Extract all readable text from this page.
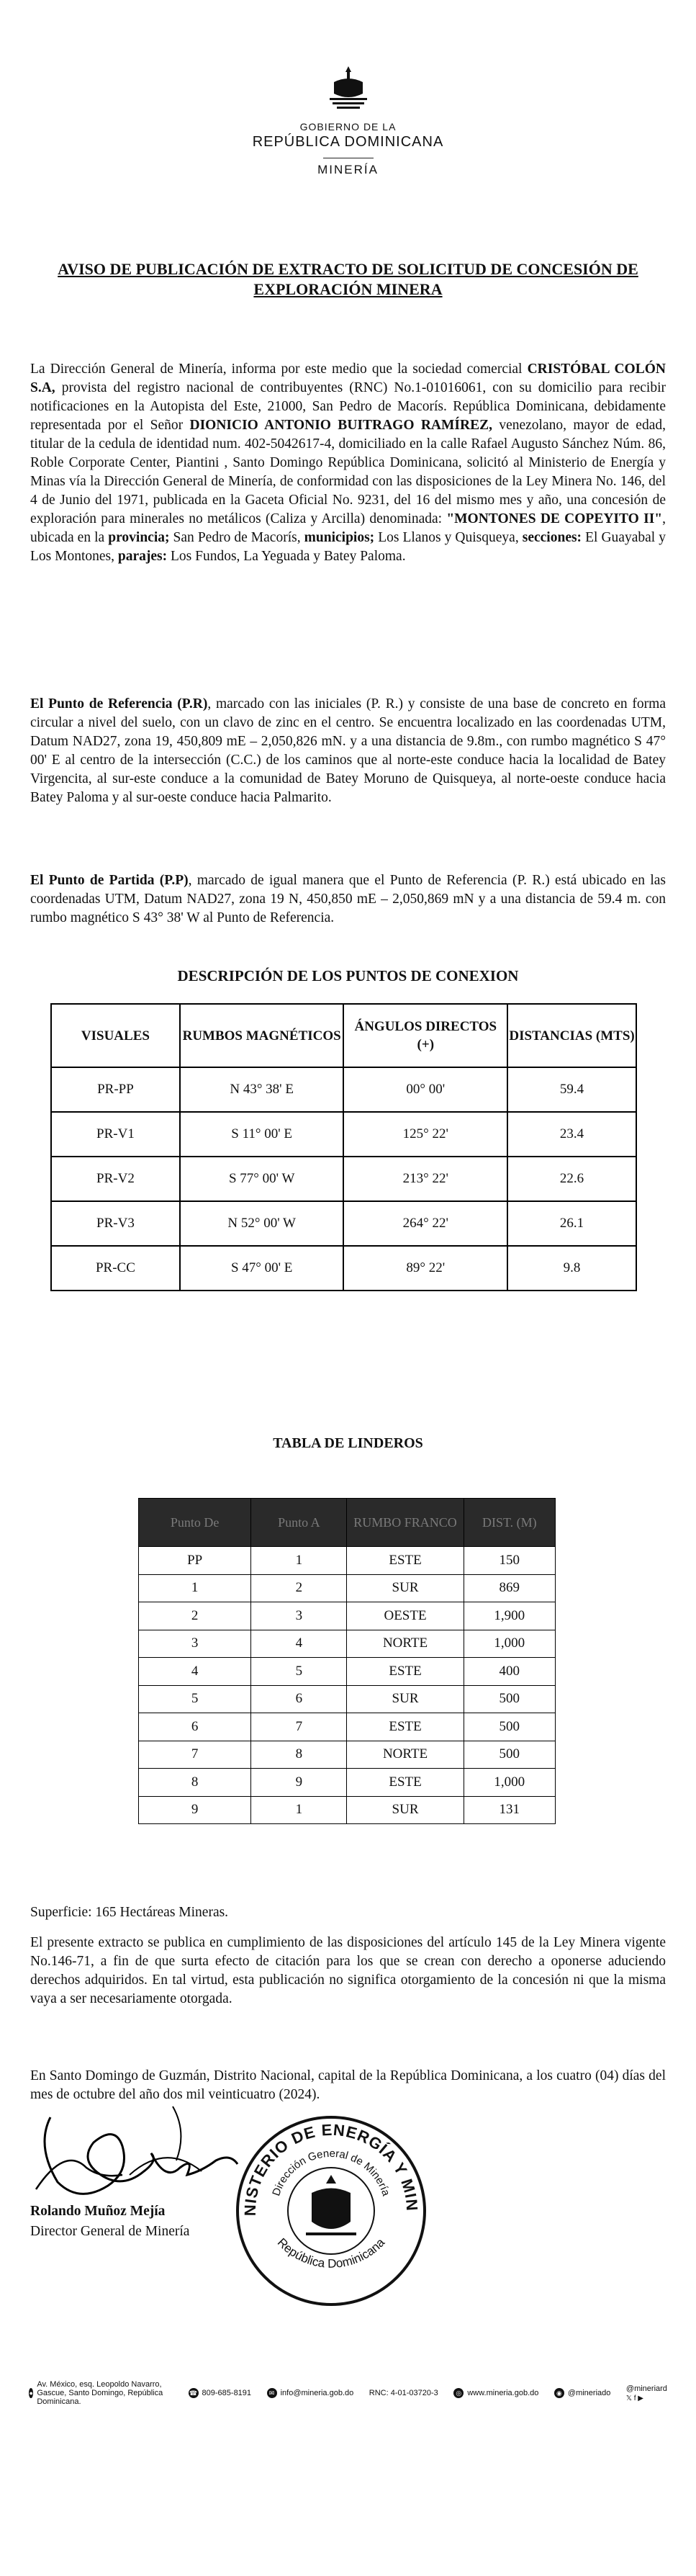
GOBIERNO DE LA
REPÚBLICA DOMINICANA
MINERÍA
AVISO DE PUBLICACIÓN DE EXTRACTO DE SOLICITUD DE CONCESIÓN DE EXPLORACIÓN MINERA
La Dirección General de Minería, informa por este medio que la sociedad comercial CRISTÓBAL COLÓN S.A, provista del registro nacional de contribuyentes (RNC) No.1-01016061, con su domicilio para recibir notificaciones en la Autopista del Este, 21000, San Pedro de Macorís. República Dominicana, debidamente representada por el Señor DIONICIO ANTONIO BUITRAGO RAMÍREZ, venezolano, mayor de edad, titular de la cedula de identidad num. 402-5042617-4, domiciliado en la calle Rafael Augusto Sánchez Núm. 86, Roble Corporate Center, Piantini , Santo Domingo República Dominicana, solicitó al Ministerio de Energía y Minas vía la Dirección General de Minería, de conformidad con las disposiciones de la Ley Minera No. 146, del 4 de Junio del 1971, publicada en la Gaceta Oficial No. 9231, del 16 del mismo mes y año, una concesión de exploración para minerales no metálicos (Caliza y Arcilla) denominada: "MONTONES DE COPEYITO II", ubicada en la provincia; San Pedro de Macorís, municipios; Los Llanos y Quisqueya, secciones: El Guayabal y Los Montones, parajes: Los Fundos, La Yeguada y Batey Paloma.
El Punto de Referencia (P.R), marcado con las iniciales (P. R.) y consiste de una base de concreto en forma circular a nivel del suelo, con un clavo de zinc en el centro. Se encuentra localizado en las coordenadas UTM, Datum NAD27, zona 19, 450,809 mE – 2,050,826 mN. y a una distancia de 9.8m., con rumbo magnético S 47° 00' E al centro de la intersección (C.C.) de los caminos que al norte-este conduce hacia la localidad de Batey Virgencita, al sur-este conduce a la comunidad de Batey Moruno de Quisqueya, al norte-oeste conduce hacia Batey Paloma y al sur-oeste conduce hacia Palmarito.
El Punto de Partida (P.P), marcado de igual manera que el Punto de Referencia (P. R.) está ubicado en las coordenadas UTM, Datum NAD27, zona 19 N, 450,850 mE – 2,050,869 mN y a una distancia de 59.4 m. con rumbo magnético S 43° 38' W al Punto de Referencia.
DESCRIPCIÓN DE LOS PUNTOS DE CONEXION
VISUALES	RUMBOS MAGNÉTICOS	ÁNGULOS DIRECTOS (+)	DISTANCIAS (MTS)
PR-PP	N 43° 38' E	00° 00'	59.4
PR-V1	S 11° 00' E	125° 22'	23.4
PR-V2	S 77° 00' W	213° 22'	22.6
PR-V3	N 52° 00' W	264° 22'	26.1
PR-CC	S 47° 00' E	89° 22'	9.8
TABLA DE LINDEROS
Punto De	Punto A	RUMBO FRANCO	DIST. (M)
PP	1	ESTE	150
1	2	SUR	869
2	3	OESTE	1,900
3	4	NORTE	1,000
4	5	ESTE	400
5	6	SUR	500
6	7	ESTE	500
7	8	NORTE	500
8	9	ESTE	1,000
9	1	SUR	131
Superficie: 165 Hectáreas Mineras.
El presente extracto se publica en cumplimiento de las disposiciones del artículo 145 de la Ley Minera vigente No.146-71, a fin de que surta efecto de citación para los que se crean con derecho a oponerse aduciendo derechos adquiridos. En tal virtud, esta publicación no significa otorgamiento de la concesión ni que la misma vaya a ser necesariamente otorgada.
En Santo Domingo de Guzmán, Distrito Nacional, capital de la República Dominicana, a los cuatro (04) días del mes de octubre del año dos mil veinticuatro (2024).
Rolando Muñoz Mejía
Director General de Minería
NISTERIO DE ENERGÍA Y MIN
Dirección General de Minería
República Dominicana
●
Av. México, esq. Leopoldo Navarro, Gascue, Santo Domingo, República Dominicana.
☎ 809-685-8191	✉ info@mineria.gob.do RNC: 4-01-03720-3	◎ www.mineria.gob.do	◉ @mineriado
@mineriard
𝕏 f ▶
